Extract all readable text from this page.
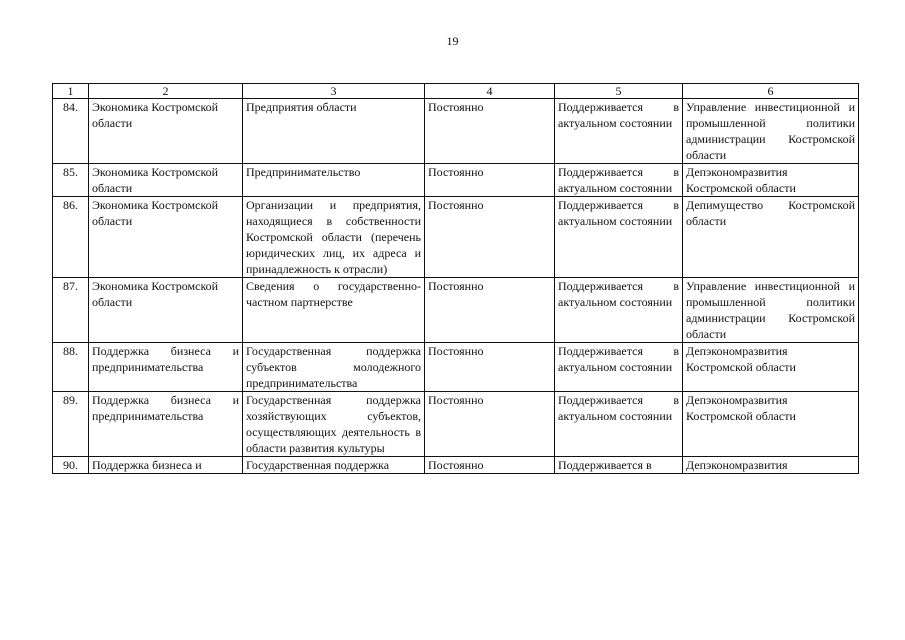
19
1	2	3	4	5	6
84.	Экономика Костромской области	Предприятия области	Постоянно	Поддерживается в актуальном состоянии	Управление инвестиционной и промышленной политики администрации Костромской области
85.	Экономика Костромской области	Предпринимательство	Постоянно	Поддерживается в актуальном состоянии	Депэкономразвития Костромской области
86.	Экономика Костромской области	Организации и предприятия, находящиеся в собственности Костромской области (перечень юридических лиц, их адреса и принадлежность к отрасли)	Постоянно	Поддерживается в актуальном состоянии	Депимущество Костромской области
87.	Экономика Костромской области	Сведения о государственно-частном партнерстве	Постоянно	Поддерживается в актуальном состоянии	Управление инвестиционной и промышленной политики администрации Костромской области
88.	Поддержка бизнеса и предпринимательства	Государственная поддержка субъектов молодежного предпринимательства	Постоянно	Поддерживается в актуальном состоянии	Депэкономразвития Костромской области
89.	Поддержка бизнеса и предпринимательства	Государственная поддержка хозяйствующих субъектов, осуществляющих деятельность в области развития культуры	Постоянно	Поддерживается в актуальном состоянии	Депэкономразвития Костромской области
90.	Поддержка бизнеса и	Государственная поддержка	Постоянно	Поддерживается в	Депэкономразвития
